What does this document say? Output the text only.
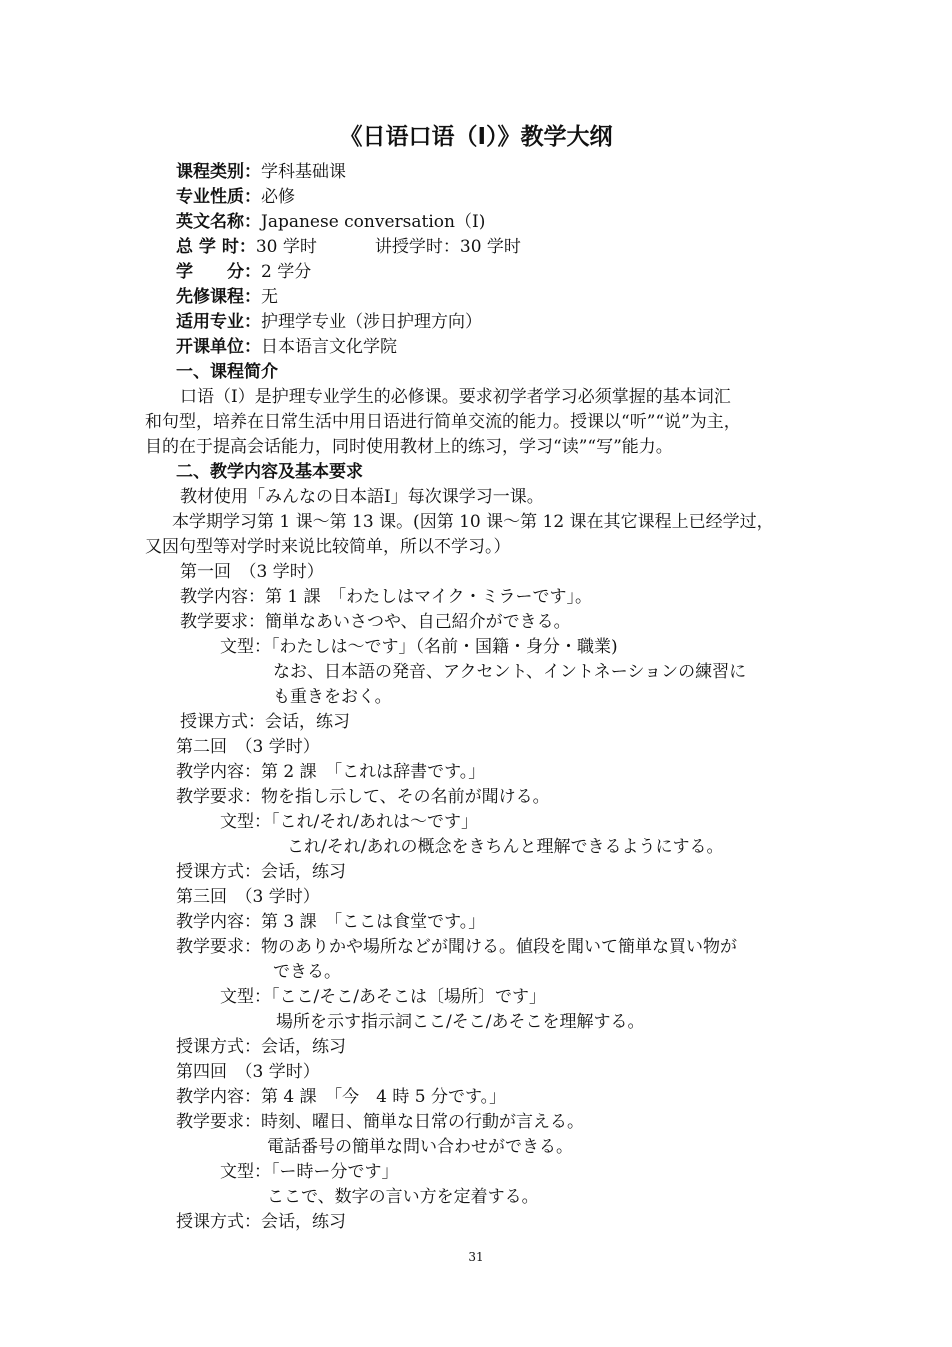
《日语口语（Ⅰ）》教学大纲
课程类别：学科基础课
专业性质：必修
英文名称：Japanese conversation（Ⅰ)
总 学 时：30 学时	讲授学时：30 学时
学　　分：2 学分
先修课程：无
适用专业：护理学专业（涉日护理方向）
开课单位：日本语言文化学院
一、课程简介
口语（Ⅰ）是护理专业学生的必修课。要求初学者学习必须掌握的基本词汇
和句型，培养在日常生活中用日语进行简单交流的能力。授课以“听”“说”为主，
目的在于提高会话能力，同时使用教材上的练习，学习“读”“写”能力。
二、教学内容及基本要求
教材使用「みんなの日本語Ⅰ」每次课学习一课。
本学期学习第 1 课～第 13 课。(因第 10 课～第 12 课在其它课程上已经学过，
又因句型等对学时来说比较简单，所以不学习。）
第一回　（3 学时）
教学内容：第 1 課　「わたしはマイク・ミラーです」。
教学要求：簡単なあいさつや、自己紹介ができる。
文型：「わたしは～です」（名前・国籍・身分・職業)
なお、日本語の発音、アクセント、イントネーションの練習に
も重きをおく。
授课方式：会话，练习
第二回　（3 学时）
教学内容：第 2 課　「これは辞書です。」
教学要求：物を指し示して、その名前が聞ける。
文型：「これ/それ/あれは～です」
これ/それ/あれの概念をきちんと理解できるようにする。
授课方式：会话，练习
第三回　（3 学时）
教学内容：第 3 課　「ここは食堂です。」
教学要求：物のありかや場所などが聞ける。値段を聞いて簡単な買い物が
できる。
文型：「ここ/そこ/あそこは〔場所〕です」
場所を示す指示詞ここ/そこ/あそこを理解する。
授课方式：会话，练习
第四回　（3 学时）
教学内容：第 4 課　「今　4 時 5 分です。」
教学要求：時刻、曜日、簡単な日常の行動が言える。
電話番号の簡単な問い合わせができる。
文型：「ー時ー分です」
ここで、数字の言い方を定着する。
授课方式：会话，练习
31
